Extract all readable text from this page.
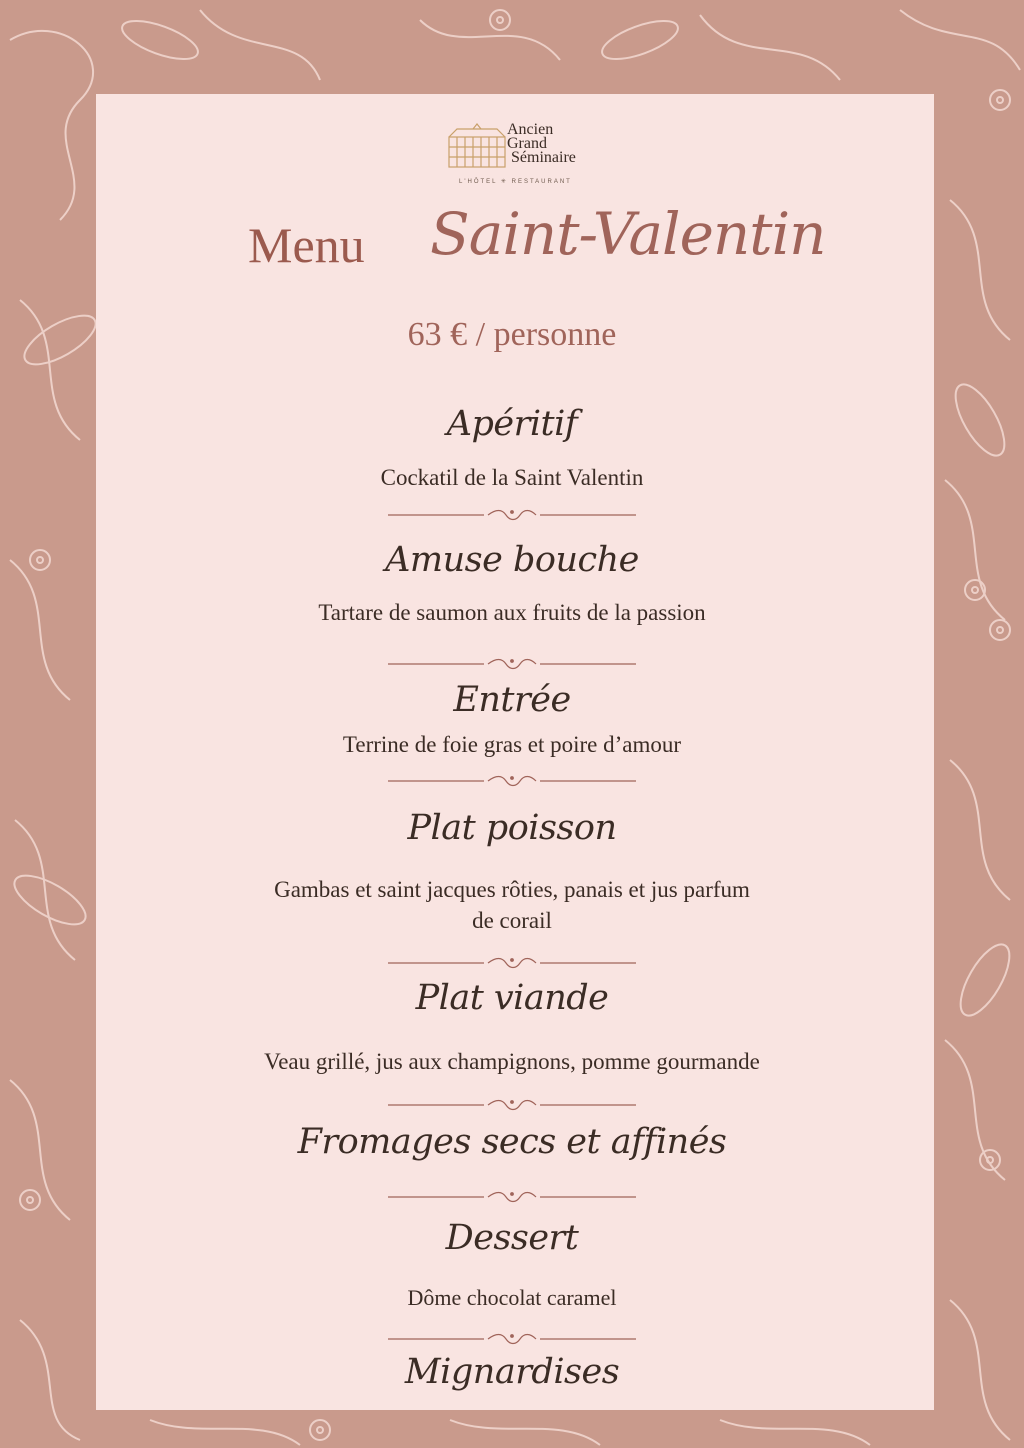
Ancien
Grand
Séminaire
L'HÔTEL ✳ RESTAURANT
Menu Saint-Valentin
63 € / personne
Apéritif
Cockatil de la Saint Valentin
Amuse bouche
Tartare de saumon aux fruits de la passion
Entrée
Terrine de foie gras et poire d’amour
Plat poisson
Gambas et saint jacques rôties, panais et jus parfum
de corail
Plat viande
Veau grillé, jus aux champignons, pomme gourmande
Fromages secs et affinés
Dessert
Dôme chocolat caramel
Mignardises
